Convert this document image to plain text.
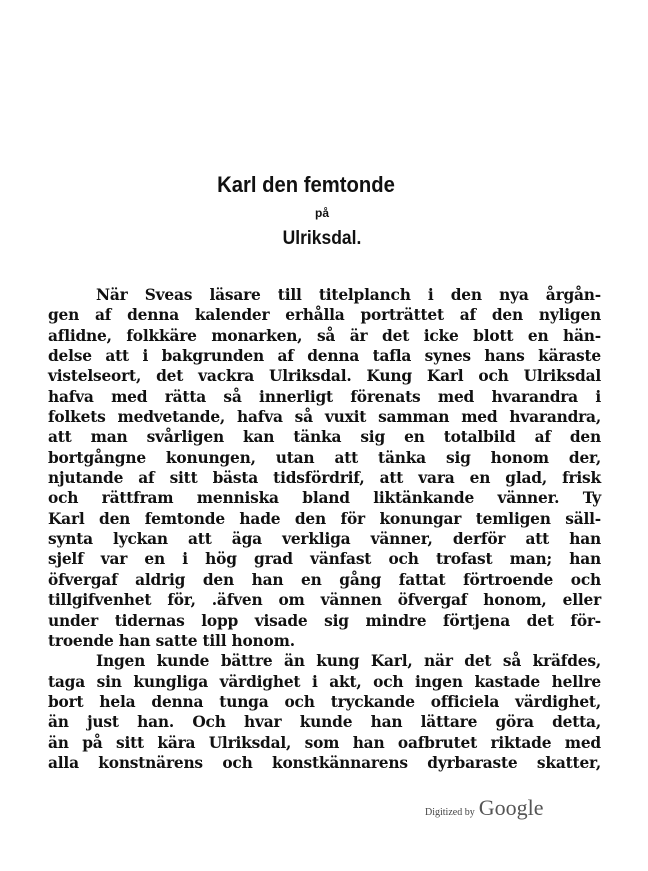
Karl den femtonde
på
Ulriksdal.
När Sveas läsare till titelplanch i den nya årgån-
gen af denna kalender erhålla porträttet af den nyligen
aflidne, folkkäre monarken, så är det icke blott en hän-
delse att i bakgrunden af denna tafla synes hans käraste
vistelseort, det vackra Ulriksdal. Kung Karl och Ulriksdal
hafva med rätta så innerligt förenats med hvarandra i
folkets medvetande, hafva så vuxit samman med hvarandra,
att man svårligen kan tänka sig en totalbild af den
bortgångne konungen, utan att tänka sig honom der,
njutande af sitt bästa tidsfördrif, att vara en glad, frisk
och rättfram menniska bland liktänkande vänner. Ty
Karl den femtonde hade den för konungar temligen säll-
synta lyckan att äga verkliga vänner, derför att han
sjelf var en i hög grad vänfast och trofast man; han
öfvergaf aldrig den han en gång fattat förtroende och
tillgifvenhet för, .äfven om vännen öfvergaf honom, eller
under tidernas lopp visade sig mindre förtjena det för-
troende han satte till honom.
Ingen kunde bättre än kung Karl, när det så kräfdes,
taga sin kungliga värdighet i akt, och ingen kastade hellre
bort hela denna tunga och tryckande officiela värdighet,
än just han. Och hvar kunde han lättare göra detta,
än på sitt kära Ulriksdal, som han oafbrutet riktade med
alla konstnärens och konstkännarens dyrbaraste skatter,
Digitized by Google
